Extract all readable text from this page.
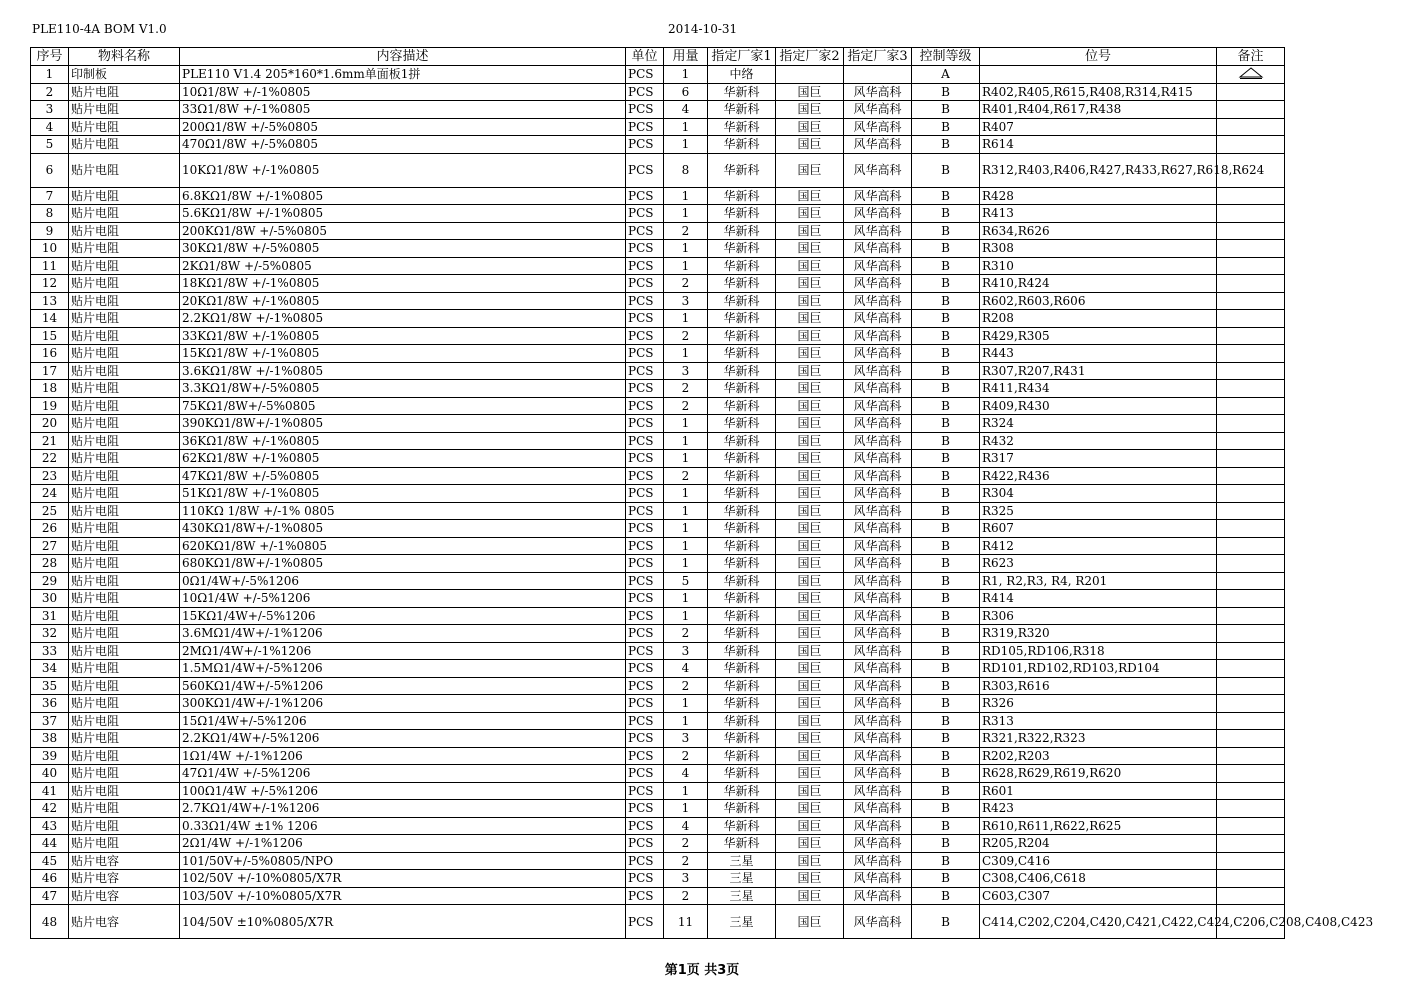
PLE110-4A BOM V1.0	2014-10-31
序号	物料名称	内容描述	单位	用量	指定厂家1	指定厂家2	指定厂家3	控制等级	位号	备注
1	印制板	PLE110 V1.4 205*160*1.6mm单面板1拼	PCS	1	中络			A		
2	贴片电阻	10Ω1/8W +/-1%0805	PCS	6	华新科	国巨	风华高科	B	R402,R405,R615,R408,R314,R415	
3	贴片电阻	33Ω1/8W +/-1%0805	PCS	4	华新科	国巨	风华高科	B	R401,R404,R617,R438	
4	贴片电阻	200Ω1/8W +/-5%0805	PCS	1	华新科	国巨	风华高科	B	R407	
5	贴片电阻	470Ω1/8W +/-5%0805	PCS	1	华新科	国巨	风华高科	B	R614	
6	贴片电阻	10KΩ1/8W +/-1%0805	PCS	8	华新科	国巨	风华高科	B	R312,R403,R406,R427,R433,R627,R618,R624	
7	贴片电阻	6.8KΩ1/8W +/-1%0805	PCS	1	华新科	国巨	风华高科	B	R428	
8	贴片电阻	5.6KΩ1/8W +/-1%0805	PCS	1	华新科	国巨	风华高科	B	R413	
9	贴片电阻	200KΩ1/8W +/-5%0805	PCS	2	华新科	国巨	风华高科	B	R634,R626	
10	贴片电阻	30KΩ1/8W +/-5%0805	PCS	1	华新科	国巨	风华高科	B	R308	
11	贴片电阻	2KΩ1/8W +/-5%0805	PCS	1	华新科	国巨	风华高科	B	R310	
12	贴片电阻	18KΩ1/8W +/-1%0805	PCS	2	华新科	国巨	风华高科	B	R410,R424	
13	贴片电阻	20KΩ1/8W +/-1%0805	PCS	3	华新科	国巨	风华高科	B	R602,R603,R606	
14	贴片电阻	2.2KΩ1/8W +/-1%0805	PCS	1	华新科	国巨	风华高科	B	R208	
15	贴片电阻	33KΩ1/8W +/-1%0805	PCS	2	华新科	国巨	风华高科	B	R429,R305	
16	贴片电阻	15KΩ1/8W +/-1%0805	PCS	1	华新科	国巨	风华高科	B	R443	
17	贴片电阻	3.6KΩ1/8W +/-1%0805	PCS	3	华新科	国巨	风华高科	B	R307,R207,R431	
18	贴片电阻	3.3KΩ1/8W+/-5%0805	PCS	2	华新科	国巨	风华高科	B	R411,R434	
19	贴片电阻	75KΩ1/8W+/-5%0805	PCS	2	华新科	国巨	风华高科	B	R409,R430	
20	贴片电阻	390KΩ1/8W+/-1%0805	PCS	1	华新科	国巨	风华高科	B	R324	
21	贴片电阻	36KΩ1/8W +/-1%0805	PCS	1	华新科	国巨	风华高科	B	R432	
22	贴片电阻	62KΩ1/8W +/-1%0805	PCS	1	华新科	国巨	风华高科	B	R317	
23	贴片电阻	47KΩ1/8W +/-5%0805	PCS	2	华新科	国巨	风华高科	B	R422,R436	
24	贴片电阻	51KΩ1/8W +/-1%0805	PCS	1	华新科	国巨	风华高科	B	R304	
25	贴片电阻	110KΩ 1/8W +/-1% 0805	PCS	1	华新科	国巨	风华高科	B	R325	
26	贴片电阻	430KΩ1/8W+/-1%0805	PCS	1	华新科	国巨	风华高科	B	R607	
27	贴片电阻	620KΩ1/8W +/-1%0805	PCS	1	华新科	国巨	风华高科	B	R412	
28	贴片电阻	680KΩ1/8W+/-1%0805	PCS	1	华新科	国巨	风华高科	B	R623	
29	贴片电阻	0Ω1/4W+/-5%1206	PCS	5	华新科	国巨	风华高科	B	R1, R2,R3, R4, R201	
30	贴片电阻	10Ω1/4W +/-5%1206	PCS	1	华新科	国巨	风华高科	B	R414	
31	贴片电阻	15KΩ1/4W+/-5%1206	PCS	1	华新科	国巨	风华高科	B	R306	
32	贴片电阻	3.6MΩ1/4W+/-1%1206	PCS	2	华新科	国巨	风华高科	B	R319,R320	
33	贴片电阻	2MΩ1/4W+/-1%1206	PCS	3	华新科	国巨	风华高科	B	RD105,RD106,R318	
34	贴片电阻	1.5MΩ1/4W+/-5%1206	PCS	4	华新科	国巨	风华高科	B	RD101,RD102,RD103,RD104	
35	贴片电阻	560KΩ1/4W+/-5%1206	PCS	2	华新科	国巨	风华高科	B	R303,R616	
36	贴片电阻	300KΩ1/4W+/-1%1206	PCS	1	华新科	国巨	风华高科	B	R326	
37	贴片电阻	15Ω1/4W+/-5%1206	PCS	1	华新科	国巨	风华高科	B	R313	
38	贴片电阻	2.2KΩ1/4W+/-5%1206	PCS	3	华新科	国巨	风华高科	B	R321,R322,R323	
39	贴片电阻	1Ω1/4W +/-1%1206	PCS	2	华新科	国巨	风华高科	B	R202,R203	
40	贴片电阻	47Ω1/4W +/-5%1206	PCS	4	华新科	国巨	风华高科	B	R628,R629,R619,R620	
41	贴片电阻	100Ω1/4W +/-5%1206	PCS	1	华新科	国巨	风华高科	B	R601	
42	贴片电阻	2.7KΩ1/4W+/-1%1206	PCS	1	华新科	国巨	风华高科	B	R423	
43	贴片电阻	0.33Ω1/4W ±1% 1206	PCS	4	华新科	国巨	风华高科	B	R610,R611,R622,R625	
44	贴片电阻	2Ω1/4W +/-1%1206	PCS	2	华新科	国巨	风华高科	B	R205,R204	
45	贴片电容	101/50V+/-5%0805/NPO	PCS	2	三星	国巨	风华高科	B	C309,C416	
46	贴片电容	102/50V +/-10%0805/X7R	PCS	3	三星	国巨	风华高科	B	C308,C406,C618	
47	贴片电容	103/50V +/-10%0805/X7R	PCS	2	三星	国巨	风华高科	B	C603,C307	
48	贴片电容	104/50V ±10%0805/X7R	PCS	11	三星	国巨	风华高科	B	C414,C202,C204,C420,C421,C422,C424,C206,C208,C408,C423	
第1页 共3页
